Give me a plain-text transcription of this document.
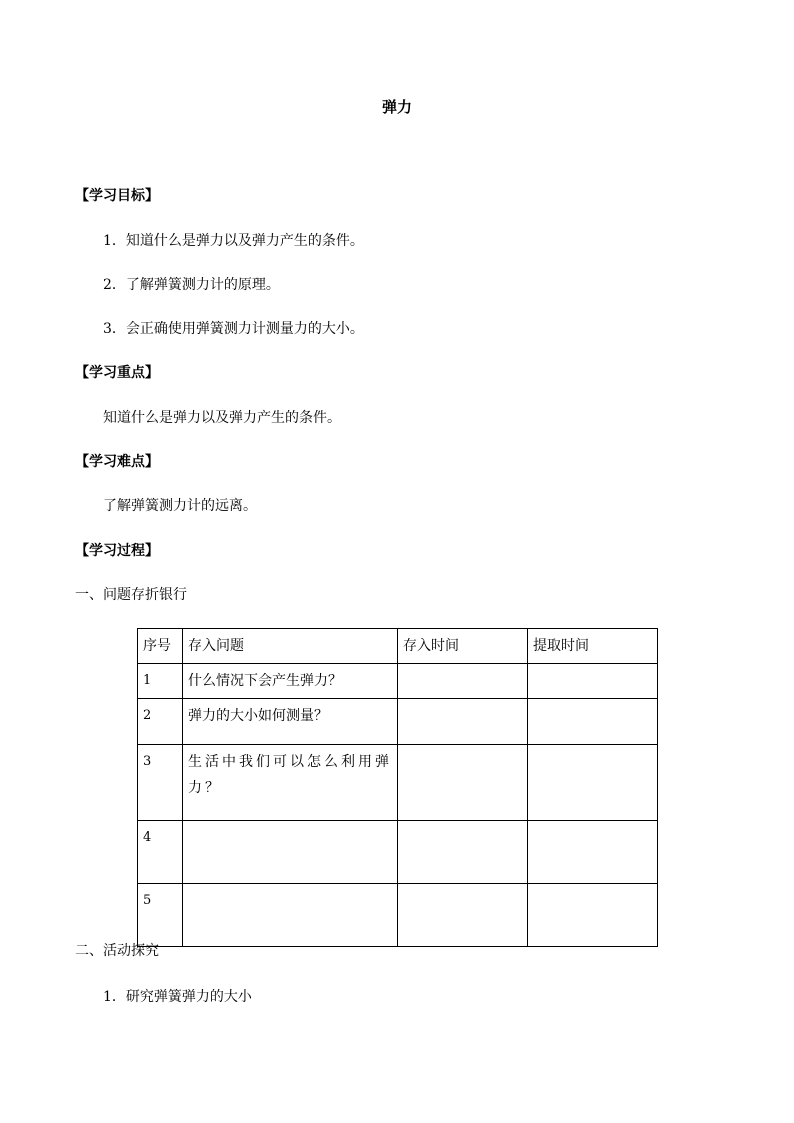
弹力
【学习目标】
1．知道什么是弹力以及弹力产生的条件。
2．了解弹簧测力计的原理。
3．会正确使用弹簧测力计测量力的大小。
【学习重点】
知道什么是弹力以及弹力产生的条件。
【学习难点】
了解弹簧测力计的远离。
【学习过程】
一、问题存折银行
序号	存入问题	存入时间	提取时间
1	什么情况下会产生弹力？		
2	弹力的大小如何测量？		
3	生活中我们可以怎么利用弹力？		
4			
5			
二、活动探究
1．研究弹簧弹力的大小
